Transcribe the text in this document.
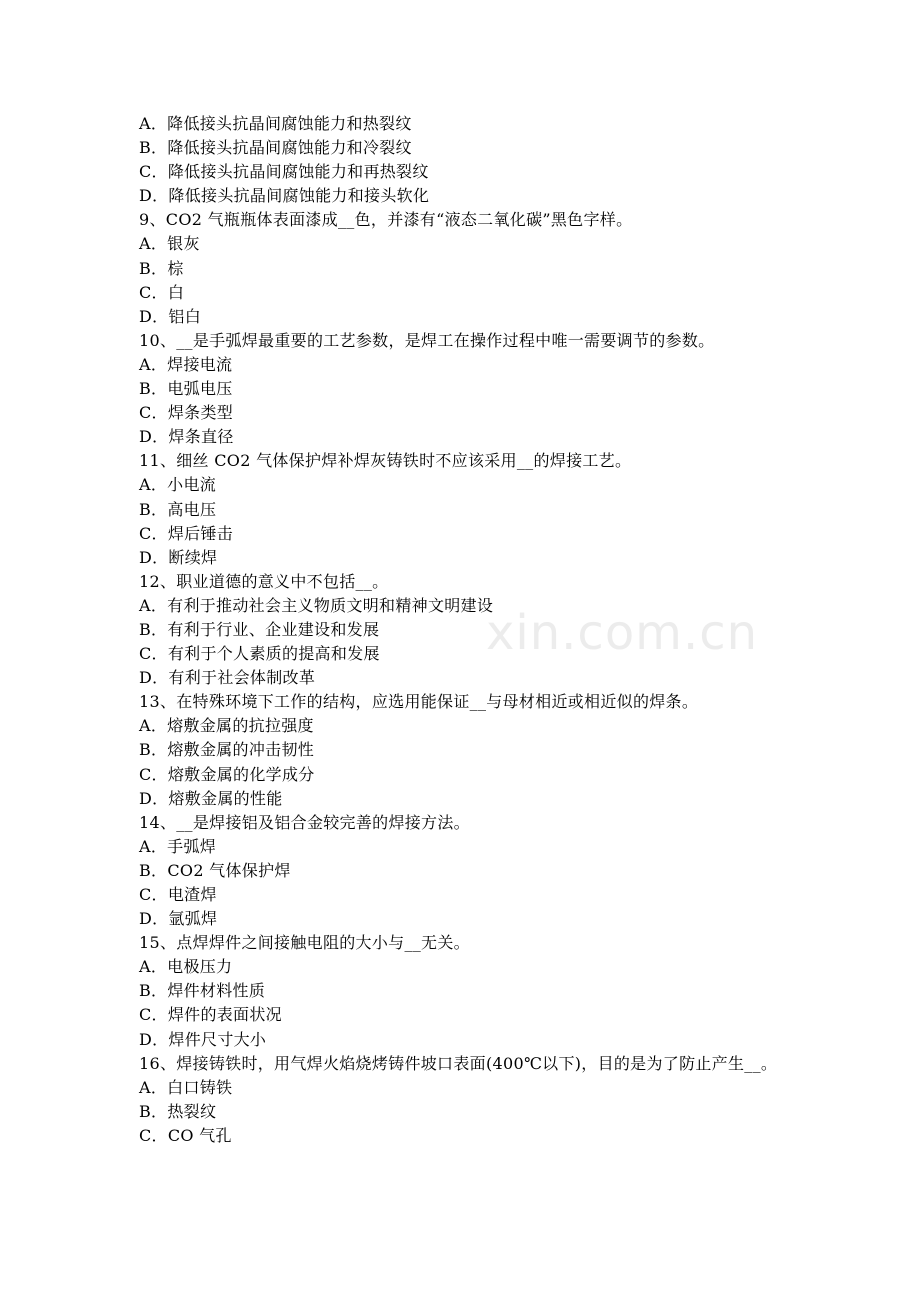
xin.com.cn
A．降低接头抗晶间腐蚀能力和热裂纹
B．降低接头抗晶间腐蚀能力和冷裂纹
C．降低接头抗晶间腐蚀能力和再热裂纹
D．降低接头抗晶间腐蚀能力和接头软化
9、CO2 气瓶瓶体表面漆成__色，并漆有“液态二氧化碳”黑色字样。
A．银灰
B．棕
C．白
D．铝白
10、__是手弧焊最重要的工艺参数，是焊工在操作过程中唯一需要调节的参数。
A．焊接电流
B．电弧电压
C．焊条类型
D．焊条直径
11、细丝 CO2 气体保护焊补焊灰铸铁时不应该采用__的焊接工艺。
A．小电流
B．高电压
C．焊后锤击
D．断续焊
12、职业道德的意义中不包括__。
A．有利于推动社会主义物质文明和精神文明建设
B．有利于行业、企业建设和发展
C．有利于个人素质的提高和发展
D．有利于社会体制改革
13、在特殊环境下工作的结构，应选用能保证__与母材相近或相近似的焊条。
A．熔敷金属的抗拉强度
B．熔敷金属的冲击韧性
C．熔敷金属的化学成分
D．熔敷金属的性能
14、__是焊接铝及铝合金较完善的焊接方法。
A．手弧焊
B．CO2 气体保护焊
C．电渣焊
D．氩弧焊
15、点焊焊件之间接触电阻的大小与__无关。
A．电极压力
B．焊件材料性质
C．焊件的表面状况
D．焊件尺寸大小
16、焊接铸铁时，用气焊火焰烧烤铸件坡口表面(400℃以下)，目的是为了防止产生__。
A．白口铸铁
B．热裂纹
C．CO 气孔
